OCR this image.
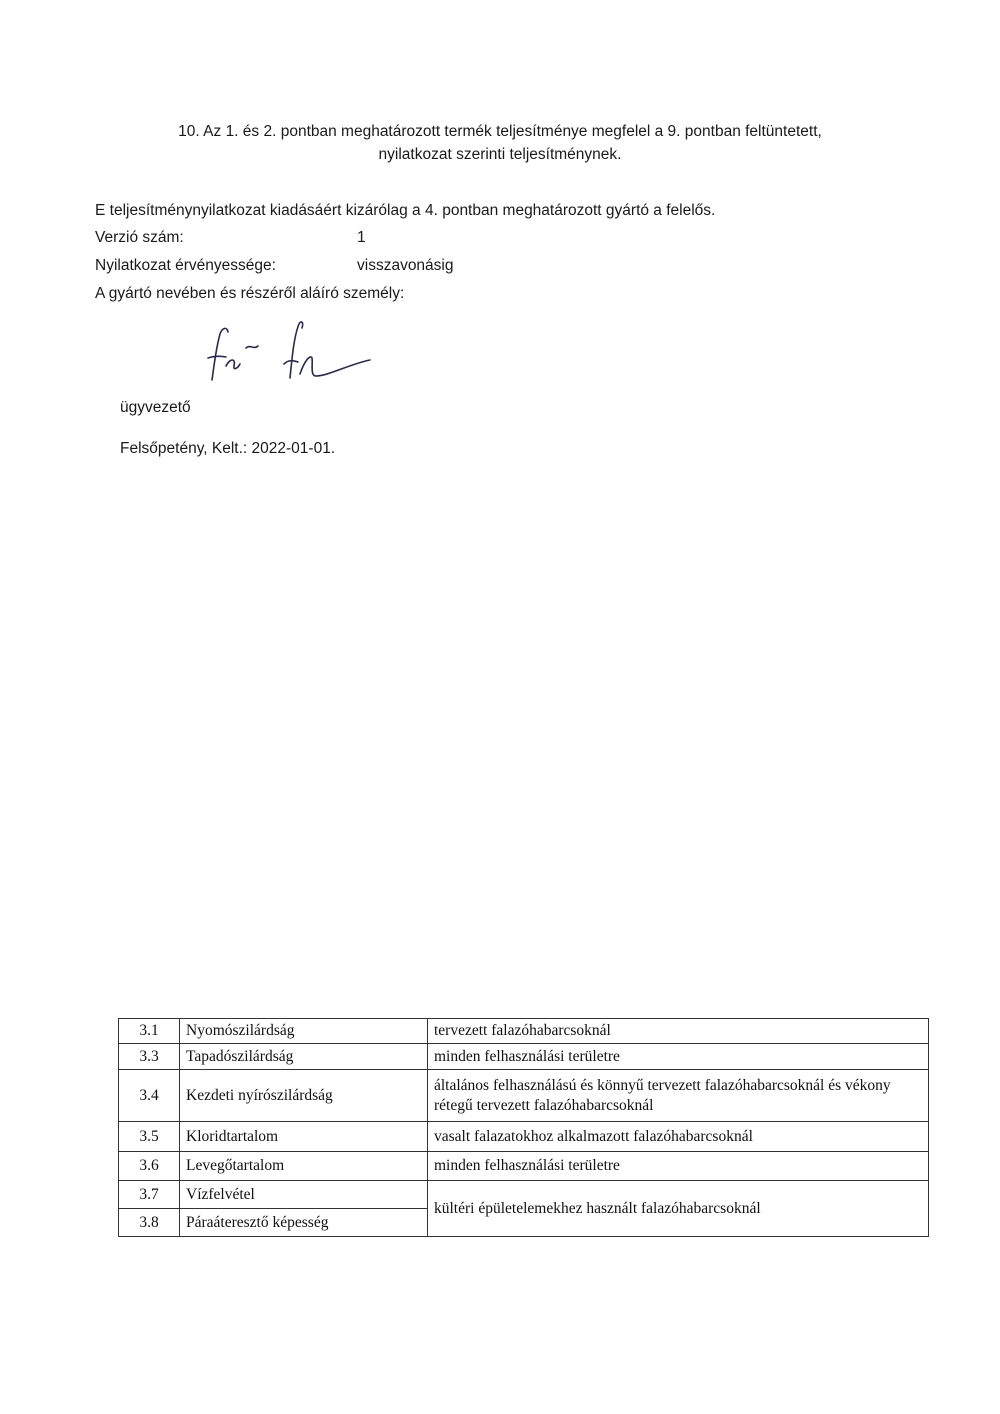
10. Az 1. és 2. pontban meghatározott termék teljesítménye megfelel a 9. pontban feltüntetett,
nyilatkozat szerinti teljesítménynek.
E teljesítménynyilatkozat kiadásáért kizárólag a 4. pontban meghatározott gyártó a felelős.
Verzió szám:	1
Nyilatkozat érvényessége:	visszavonásig
A gyártó nevében és részéről aláíró személy:
ügyvezető
Felsőpetény, Kelt.: 2022-01-01.
3.1	Nyomószilárdság	tervezett falazóhabarcsoknál
3.3	Tapadószilárdság	minden felhasználási területre
3.4	Kezdeti nyírószilárdság	általános felhasználású és könnyű tervezett falazóhabarcsoknál és vékony rétegű tervezett falazóhabarcsoknál
3.5	Kloridtartalom	vasalt falazatokhoz alkalmazott falazóhabarcsoknál
3.6	Levegőtartalom	minden felhasználási területre
3.7	Vízfelvétel	kültéri épületelemekhez használt falazóhabarcsoknál
3.8	Páraáteresztő képesség	
